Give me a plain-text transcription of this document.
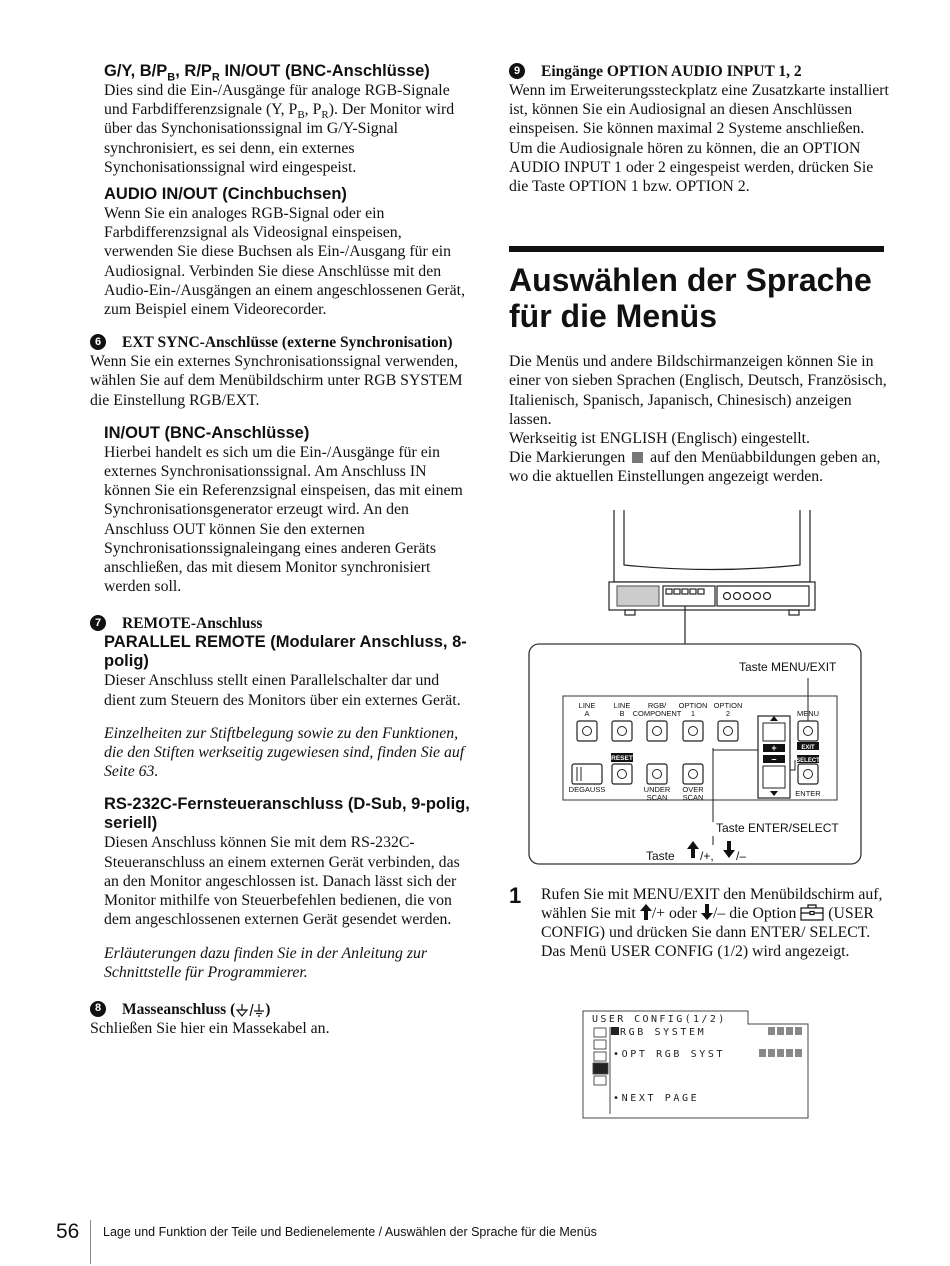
G/Y, $B/P_B$, $R/P_R$ IN/OUT (BNC-Anschlüsse)

Dies sind die Ein-/Ausgänge für analoge RGB-Signale und Farbdifferenzsignale (Y, $P_B$, $P_R$). Der Monitor wird über das Synchonisationssignal im G/Y-Signal synchronisiert, es sei denn, ein externes Synchonisationssignal wird eingespeist.

AUDIO IN/OUT (Cinchbuchsen)

Wenn Sie ein analoges RGB-Signal oder ein Farbdifferenzsignal als Videosignal einspeisen, verwenden Sie diese Buchsen als Ein-/Ausgang für ein Audiosignal. Verbinden Sie diese Anschlüsse mit den Audio-Ein-/Ausgängen an einem angeschlossenen Gerät, zum Beispiel einem Videorecorder.

6	EXT SYNC-Anschlüsse (externe Synchronisation)

Wenn Sie ein externes Synchronisationssignal verwenden, wählen Sie auf dem Menübildschirm unter RGB SYSTEM die Einstellung RGB/EXT.

IN/OUT (BNC-Anschlüsse)

Hierbei handelt es sich um die Ein-/Ausgänge für ein externes Synchronisationssignal. Am Anschluss IN können Sie ein Referenzsignal einspeisen, das mit einem Synchronisationsgenerator erzeugt wird. An den Anschluss OUT können Sie den externen Synchronisationssignaleingang eines anderen Geräts anschließen, das mit diesem Monitor synchronisiert werden soll.

7	REMOTE-Anschluss

PARALLEL REMOTE (Modularer Anschluss, 8-polig)

Dieser Anschluss stellt einen Parallelschalter dar und dient zum Steuern des Monitors über ein externes Gerät.

Einzelheiten zur Stiftbelegung sowie zu den Funktionen, die den Stiften werkseitig zugewiesen sind, finden Sie auf Seite 63.

RS-232C-Fernsteueranschluss (D-Sub, 9-polig, seriell)

Diesen Anschluss können Sie mit dem RS-232C-Steueranschluss an einem externen Gerät verbinden, das an den Monitor angeschlossen ist. Danach lässt sich der Monitor mithilfe von Steuerbefehlen bedienen, die von dem angeschlossenen externen Gerät gesendet werden.

Erläuterungen dazu finden Sie in der Anleitung zur Schnittstelle für Programmierer.

8	Masseanschluss ( )

Schließen Sie hier ein Massekabel an.

9	Eingänge OPTION AUDIO INPUT 1, 2

Wenn im Erweiterungssteckplatz eine Zusatzkarte installiert ist, können Sie ein Audiosignal an diesen Anschlüssen einspeisen. Sie können maximal 2 Systeme anschließen. Um die Audiosignale hören zu können, die an OPTION AUDIO INPUT 1 oder 2 eingespeist werden, drücken Sie die Taste OPTION 1 bzw. OPTION 2.

Auswählen der Sprache für die Menüs

Die Menüs und andere Bildschirmanzeigen können Sie in einer von sieben Sprachen (Englisch, Deutsch, Französisch, Italienisch, Spanisch, Japanisch, Chinesisch) anzeigen lassen.

Werkseitig ist ENGLISH (Englisch) eingestellt.

Die Markierungen  auf den Menüabbildungen geben an, wo die aktuellen Einstellungen angezeigt werden.

1	Rufen Sie mit MENU/EXIT den Menübildschirm auf, wählen Sie mit /+ oder /– die Option  (USER CONFIG) und drücken Sie dann ENTER/ SELECT.
Das Menü USER CONFIG (1/2) wird angezeigt.

Taste MENU/EXIT
Taste ENTER/SELECT
Taste /+, /–
LINE
A
LINE
B
RGB/
COMPONENT
OPTION
1
OPTION
2	MENU
DEGAUSS	UNDER
SCAN
OVER
SCAN	ENTER
RESET
+
–
EXIT
SELECT
USER CONFIG(1/2)
RGB SYSTEM
•OPT RGB SYST
•NEXT PAGE
56	Lage und Funktion der Teile und Bedienelemente / Auswählen der Sprache für die Menüs
